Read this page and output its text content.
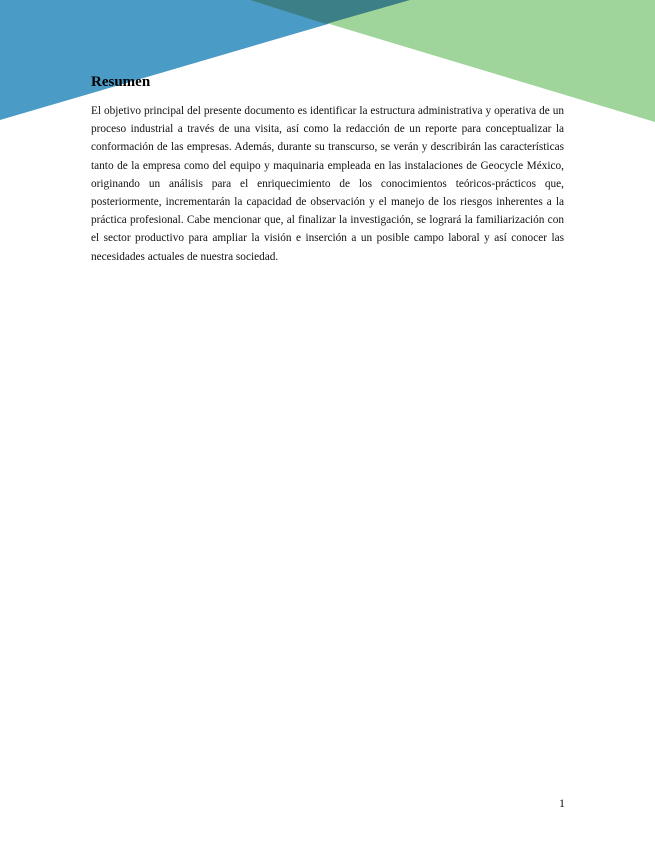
Resumen

El objetivo principal del presente documento es identificar la estructura administrativa y operativa de un proceso industrial a través de una visita, así como la redacción de un reporte para conceptualizar la conformación de las empresas. Además, durante su transcurso, se verán y describirán las características tanto de la empresa como del equipo y maquinaria empleada en las instalaciones de Geocycle México, originando un análisis para el enriquecimiento de los conocimientos teóricos-prácticos que, posteriormente, incrementarán la capacidad de observación y el manejo de los riesgos inherentes a la práctica profesional. Cabe mencionar que, al finalizar la investigación, se logrará la familiarización con el sector productivo para ampliar la visión e inserción a un posible campo laboral y así conocer las necesidades actuales de nuestra sociedad.

1
